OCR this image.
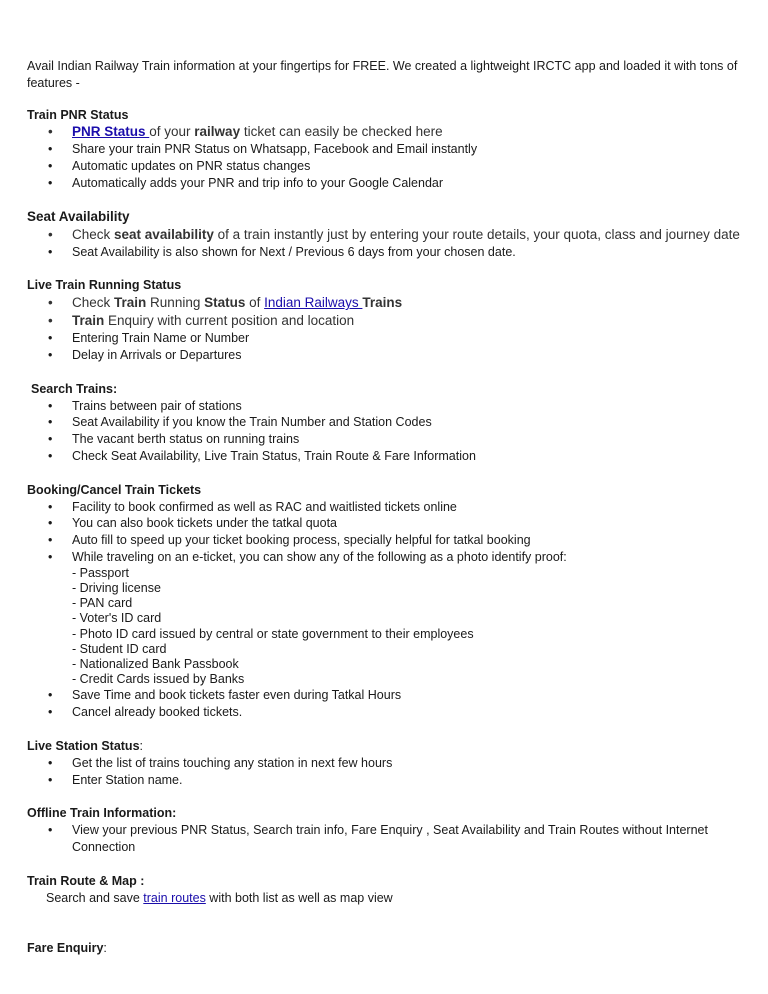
Avail Indian Railway Train information at your fingertips for FREE. We created a lightweight IRCTC app and loaded it with tons of features -

Train PNR Status

• PNR Status of your railway ticket can easily be checked here
• Share your train PNR Status on Whatsapp, Facebook and Email instantly
• Automatic updates on PNR status changes
• Automatically adds your PNR and trip info to your Google Calendar

Seat Availability

• Check seat availability of a train instantly just by entering your route details, your quota, class and journey date
• Seat Availability is also shown for Next / Previous 6 days from your chosen date.

Live Train Running Status

• Check Train Running Status of Indian Railways Trains
• Train Enquiry with current position and location
• Entering Train Name or Number
• Delay in Arrivals or Departures

Search Trains:

• Trains between pair of stations
• Seat Availability if you know the Train Number and Station Codes
• The vacant berth status on running trains
• Check Seat Availability, Live Train Status, Train Route & Fare Information

Booking/Cancel Train Tickets

• Facility to book confirmed as well as RAC and waitlisted tickets online
• You can also book tickets under the tatkal quota
• Auto fill to speed up your ticket booking process, specially helpful for tatkal booking
• While traveling on an e-ticket, you can show any of the following as a photo identify proof:

- Passport

- Driving license

- PAN card

- Voter's ID card

- Photo ID card issued by central or state government to their employees

- Student ID card

- Nationalized Bank Passbook

- Credit Cards issued by Banks

• Save Time and book tickets faster even during Tatkal Hours
• Cancel already booked tickets.

Live Station Status:

• Get the list of trains touching any station in next few hours
• Enter Station name.

Offline Train Information:

• View your previous PNR Status, Search train info, Fare Enquiry , Seat Availability and Train Routes without Internet Connection

Train Route & Map :

Search and save train routes with both list as well as map view

Fare Enquiry:
